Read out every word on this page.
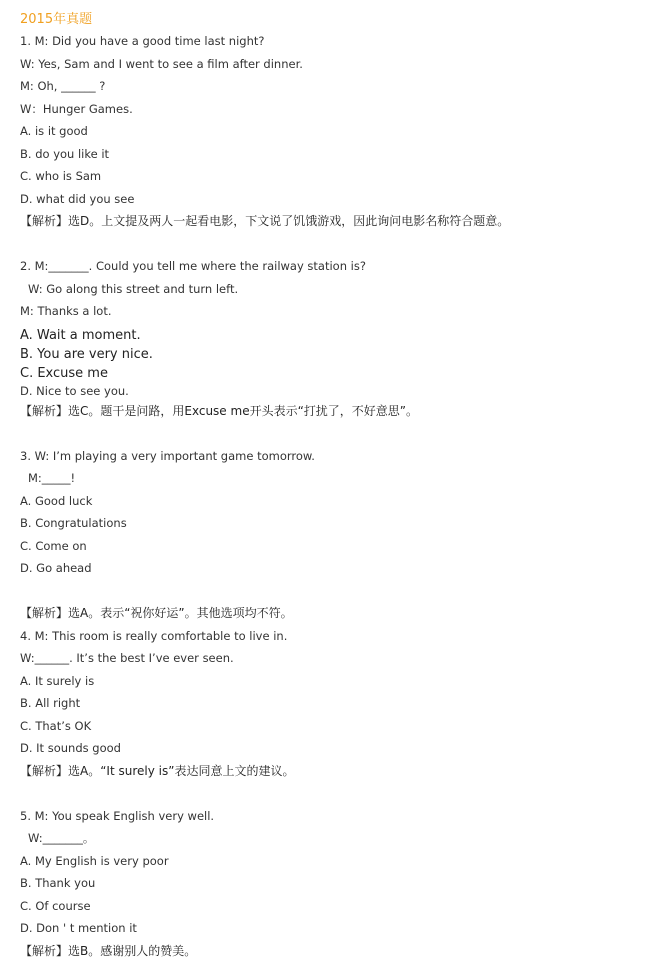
2015年真题
1. M: Did you have a good time last night?
W: Yes, Sam and I went to see a film after dinner.
M: Oh, ______ ?
W：Hunger Games.
A. is it good
B. do you like it
C. who is Sam
D. what did you see
【解析】选D。上文提及两人一起看电影，下文说了饥饿游戏，因此询问电影名称符合题意。
2. M:_______. Could you tell me where the railway station is?
W: Go along this street and turn left.
M: Thanks a lot.
A. Wait a moment.
B. You are very nice.
C. Excuse me
D. Nice to see you.
【解析】选C。题干是问路，用Excuse me开头表示“打扰了，不好意思”。
3. W: I’m playing a very important game tomorrow.
M:_____!
A. Good luck
B. Congratulations
C. Come on
D. Go ahead
【解析】选A。表示“祝你好运”。其他选项均不符。
4. M: This room is really comfortable to live in.
W:______. It’s the best I’ve ever seen.
A. It surely is
B. All right
C. That’s OK
D. It sounds good
【解析】选A。“It surely is”表达同意上文的建议。
5. M: You speak English very well.
W:_______。
A. My English is very poor
B. Thank you
C. Of course
D. Don ' t mention it
【解析】选B。感谢别人的赞美。
